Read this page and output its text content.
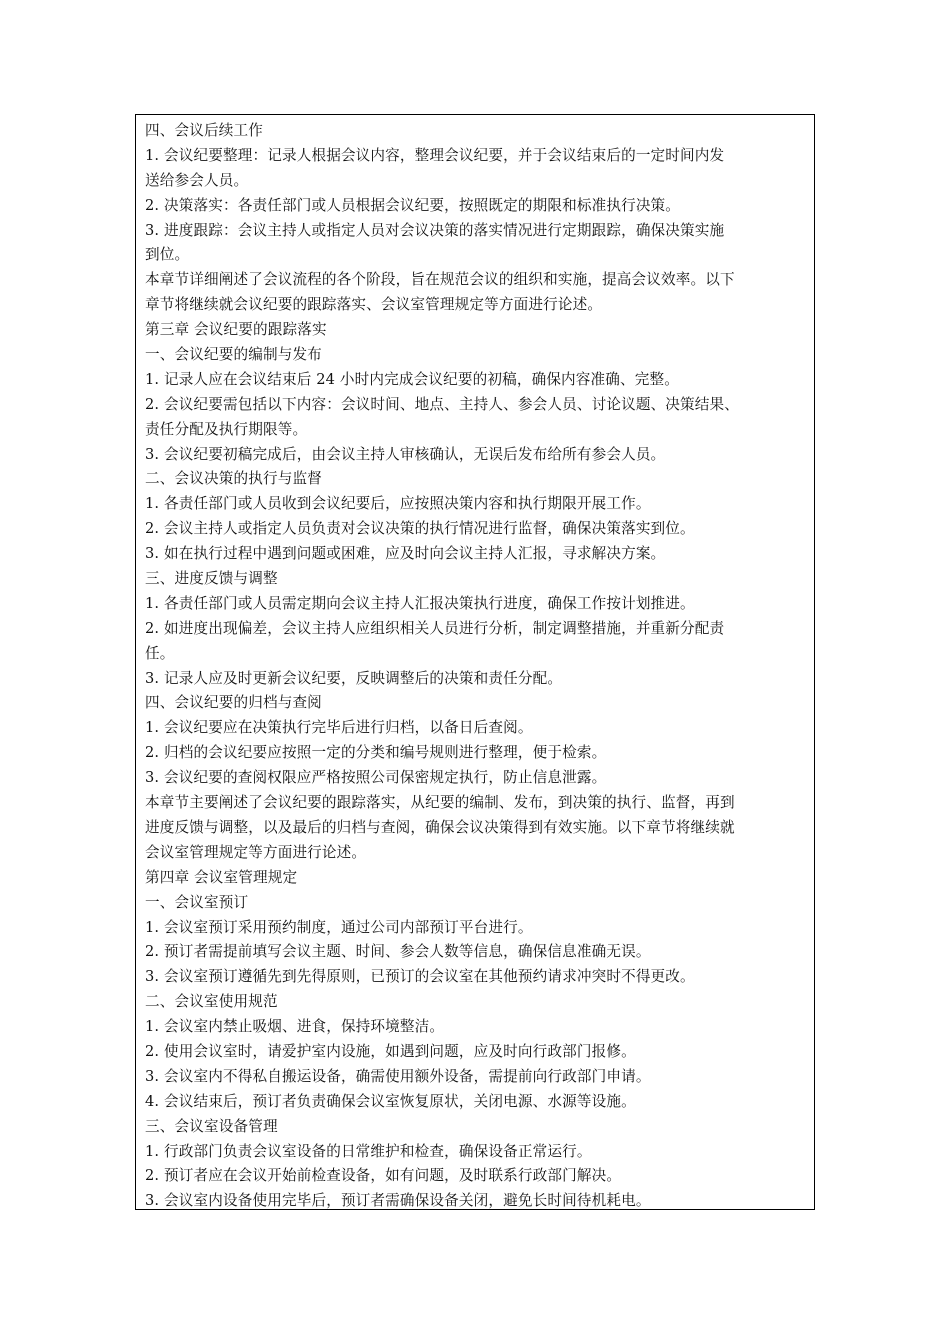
四、会议后续工作
1. 会议纪要整理：记录人根据会议内容，整理会议纪要，并于会议结束后的一定时间内发
送给参会人员。
2. 决策落实：各责任部门或人员根据会议纪要，按照既定的期限和标准执行决策。
3. 进度跟踪：会议主持人或指定人员对会议决策的落实情况进行定期跟踪，确保决策实施
到位。
本章节详细阐述了会议流程的各个阶段，旨在规范会议的组织和实施，提高会议效率。以下
章节将继续就会议纪要的跟踪落实、会议室管理规定等方面进行论述。
第三章 会议纪要的跟踪落实
一、会议纪要的编制与发布
1. 记录人应在会议结束后 24 小时内完成会议纪要的初稿，确保内容准确、完整。
2. 会议纪要需包括以下内容：会议时间、地点、主持人、参会人员、讨论议题、决策结果、
责任分配及执行期限等。
3. 会议纪要初稿完成后，由会议主持人审核确认，无误后发布给所有参会人员。
二、会议决策的执行与监督
1. 各责任部门或人员收到会议纪要后，应按照决策内容和执行期限开展工作。
2. 会议主持人或指定人员负责对会议决策的执行情况进行监督，确保决策落实到位。
3. 如在执行过程中遇到问题或困难，应及时向会议主持人汇报，寻求解决方案。
三、进度反馈与调整
1. 各责任部门或人员需定期向会议主持人汇报决策执行进度，确保工作按计划推进。
2. 如进度出现偏差，会议主持人应组织相关人员进行分析，制定调整措施，并重新分配责
任。
3. 记录人应及时更新会议纪要，反映调整后的决策和责任分配。
四、会议纪要的归档与查阅
1. 会议纪要应在决策执行完毕后进行归档，以备日后查阅。
2. 归档的会议纪要应按照一定的分类和编号规则进行整理，便于检索。
3. 会议纪要的查阅权限应严格按照公司保密规定执行，防止信息泄露。
本章节主要阐述了会议纪要的跟踪落实，从纪要的编制、发布，到决策的执行、监督，再到
进度反馈与调整，以及最后的归档与查阅，确保会议决策得到有效实施。以下章节将继续就
会议室管理规定等方面进行论述。
第四章 会议室管理规定
一、会议室预订
1. 会议室预订采用预约制度，通过公司内部预订平台进行。
2. 预订者需提前填写会议主题、时间、参会人数等信息，确保信息准确无误。
3. 会议室预订遵循先到先得原则，已预订的会议室在其他预约请求冲突时不得更改。
二、会议室使用规范
1. 会议室内禁止吸烟、进食，保持环境整洁。
2. 使用会议室时，请爱护室内设施，如遇到问题，应及时向行政部门报修。
3. 会议室内不得私自搬运设备，确需使用额外设备，需提前向行政部门申请。
4. 会议结束后，预订者负责确保会议室恢复原状，关闭电源、水源等设施。
三、会议室设备管理
1. 行政部门负责会议室设备的日常维护和检查，确保设备正常运行。
2. 预订者应在会议开始前检查设备，如有问题，及时联系行政部门解决。
3. 会议室内设备使用完毕后，预订者需确保设备关闭，避免长时间待机耗电。
